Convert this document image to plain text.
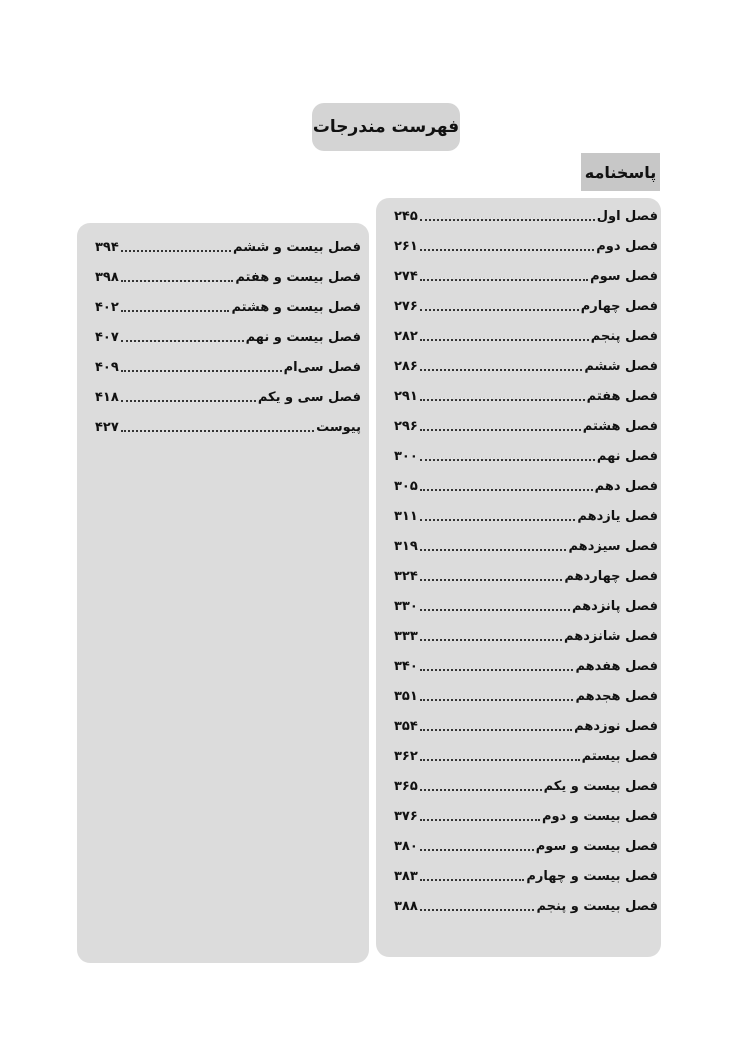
فهرست مندرجات
پاسخنامه
فصل اول
۲۴۵
فصل دوم
۲۶۱
فصل سوم
۲۷۴
فصل چهارم
۲۷۶
فصل پنجم
۲۸۲
فصل ششم
۲۸۶
فصل هفتم
۲۹۱
فصل هشتم
۲۹۶
فصل نهم
۳۰۰
فصل دهم
۳۰۵
فصل یازدهم
۳۱۱
فصل سیزدهم
۳۱۹
فصل چهاردهم
۳۲۴
فصل پانزدهم
۳۳۰
فصل شانزدهم
۳۳۳
فصل هفدهم
۳۴۰
فصل هجدهم
۳۵۱
فصل نوزدهم
۳۵۴
فصل بیستم
۳۶۲
فصل بیست و یکم
۳۶۵
فصل بیست و دوم
۳۷۶
فصل بیست و سوم
۳۸۰
فصل بیست و چهارم
۳۸۳
فصل بیست و پنجم
۳۸۸
فصل بیست و ششم
۳۹۴
فصل بیست و هفتم
۳۹۸
فصل بیست و هشتم
۴۰۲
فصل بیست و نهم
۴۰۷
فصل سی‌ام
۴۰۹
فصل سی و یکم
۴۱۸
پیوست
۴۲۷
